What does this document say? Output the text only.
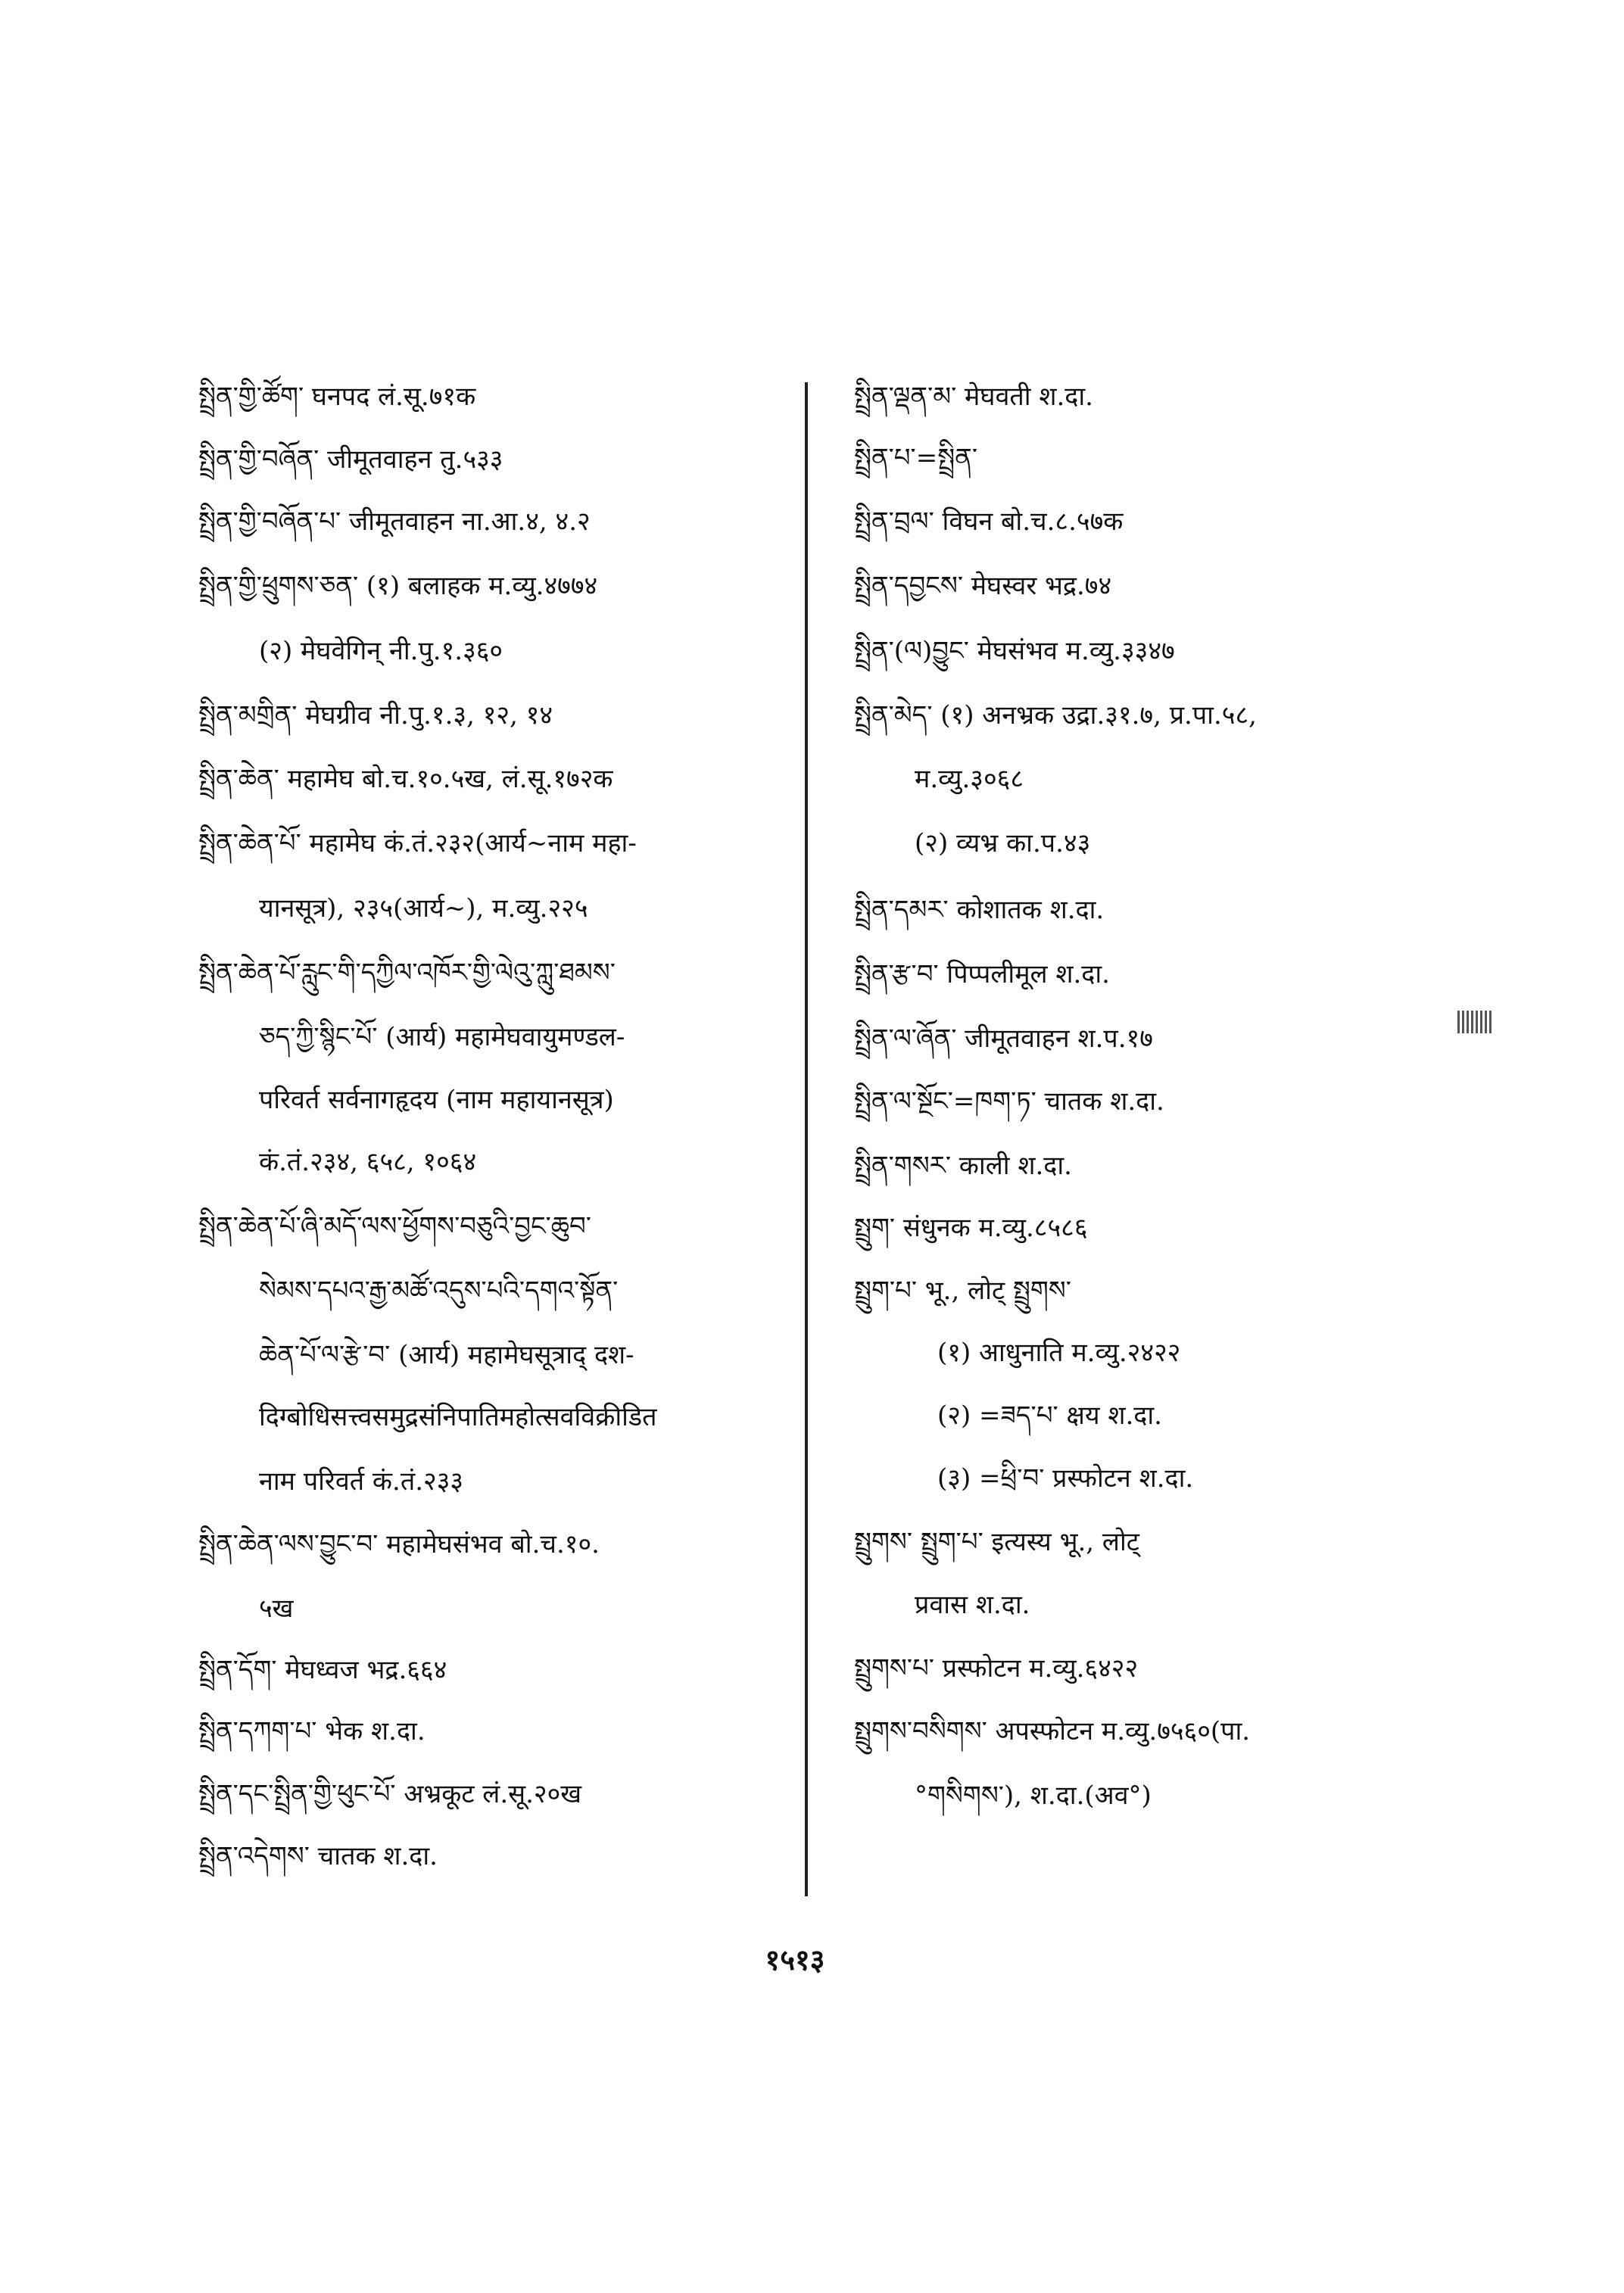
སྤྲིན་གྱི་ཚོག་ घनपद लं.सू.७१क
སྤྲིན་གྱི་བཞོན་ जीमूतवाहन तु.५३३
སྤྲིན་གྱི་བཞོན་པ་ जीमूतवाहन ना.आ.४, ४.२
སྤྲིན་གྱི་ཕྲུགས་ཅན་ (१) बलाहक म.व्यु.४७७४
(२) मेघवेगिन् नी.पु.१.३६०
སྤྲིན་མགྲིན་ मेघग्रीव नी.पु.१.३, १२, १४
སྤྲིན་ཆེན་ महामेघ बो.च.१०.५ख, लं.सू.१७२क
སྤྲིན་ཆེན་པོ་ महामेघ कं.तं.२३२(आर्य~नाम महा-
यानसूत्र), २३५(आर्य~), म.व्यु.२२५
སྤྲིན་ཆེན་པོ་རླུང་གི་དཀྱིལ་འཁོར་གྱི་ལེའུ་ཀླུ་ཐམས་
ཅད་ཀྱི་སྙིང་པོ་ (आर्य) महामेघवायुमण्डल-
परिवर्त सर्वनागहृदय (नाम महायानसूत्र)
कं.तं.२३४, ६५८, १०६४
སྤྲིན་ཆེན་པོ་ཞི་མདོ་ལས་ཕྱོགས་བཅུའི་བྱང་ཆུབ་
སེམས་དཔའ་རྒྱ་མཚོ་འདུས་པའི་དགའ་སྟོན་
ཆེན་པོ་ལ་རྩེ་བ་ (आर्य) महामेघसूत्राद् दश-
दिग्बोधिसत्त्वसमुद्रसंनिपातिमहोत्सवविक्रीडित
नाम परिवर्त कं.तं.२३३
སྤྲིན་ཆེན་ལས་བྱུང་བ་ महामेघसंभव बो.च.१०.
५ख
སྤྲིན་དོག་ मेघध्वज भद्र.६६४
སྤྲིན་དཀག་པ་ भेक श.दा.
སྤྲིན་དང་སྤྲིན་གྱི་ཕུང་པོ་ अभ्रकूट लं.सू.२०ख
སྤྲིན་འདེགས་ चातक श.दा.
སྤྲིན་ལྡན་མ་ मेघवती श.दा.
སྤྲིན་པ་=སྤྲིན་
སྤྲིན་བྲལ་ विघन बो.च.८.५७क
སྤྲིན་དབྱངས་ मेघस्वर भद्र.७४
སྤྲིན་(ལ)བྱུང་ मेघसंभव म.व्यु.३३४७
སྤྲིན་མེད་ (१) अनभ्रक उद्रा.३१.७, प्र.पा.५८,
म.व्यु.३०६८
(२) व्यभ्र का.प.४३
སྤྲིན་དམར་ कोशातक श.दा.
སྤྲིན་རྩ་བ་ पिप्पलीमूल श.दा.
སྤྲིན་ལ་ཞོན་ जीमूतवाहन श.प.१७
སྤྲིན་ལ་སྔོང་=ཁག་ཏ་ चातक श.दा.
སྤྲིན་གསར་ काली श.दा.
སྤྲུག་ संधुनक म.व्यु.८५८६
སྤྲུག་པ་ भू., लोट् སྤྲུགས་
(१) आधुनाति म.व्यु.२४२२
(२) =ཟད་པ་ क्षय श.दा.
(३) =ཕྲི་བ་ प्रस्फोटन श.दा.
སྤྲུགས་ སྤྲུག་པ་ इत्यस्य भू., लोट्
प्रवास श.दा.
སྤྲུགས་པ་ प्रस्फोटन म.व्यु.६४२२
སྤྲུགས་བསིགས་ अपस्फोटन म.व्यु.७५६०(पा.
°གསིགས་), श.दा.(अव°)
१५१३
